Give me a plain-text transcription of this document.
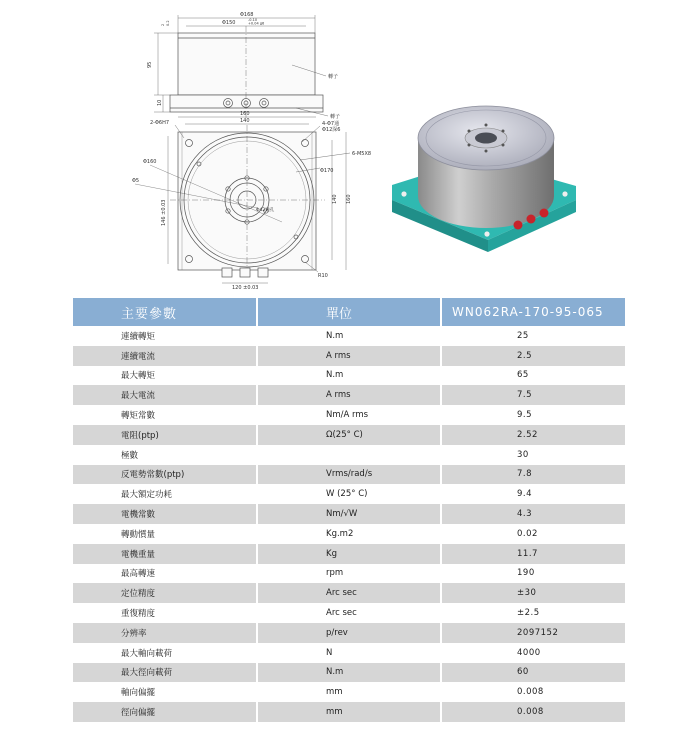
Φ168
Φ150	-0.10
+0.04 g6
95
10
2 0.2
轉子
轉子
160
140
2-Φ6H7	4-Φ7通
Φ12深6
6-M5X8
Φ160
Φ5
Φ170
Φ42通孔
146 ±0.03
140 160
R10
120 ±0.03
主要參數	單位	WN062RA-170-95-065
連續轉矩	N.m	25
連續電流	A rms	2.5
最大轉矩	N.m	65
最大電流	A rms	7.5
轉矩常數	Nm/A rms	9.5
電阻(ptp)	Ω(25° C)	2.52
極數		30
反電勢常數(ptp)	Vrms/rad/s	7.8
最大額定功耗	W (25° C)	9.4
電機常數	Nm/√W	4.3
轉動慣量	Kg.m2	0.02
電機重量	Kg	11.7
最高轉速	rpm	190
定位精度	Arc sec	±30
重復精度	Arc sec	±2.5
分辨率	p/rev	2097152
最大軸向載荷	N	4000
最大徑向載荷	N.m	60
軸向偏擺	mm	0.008
徑向偏擺	mm	0.008
